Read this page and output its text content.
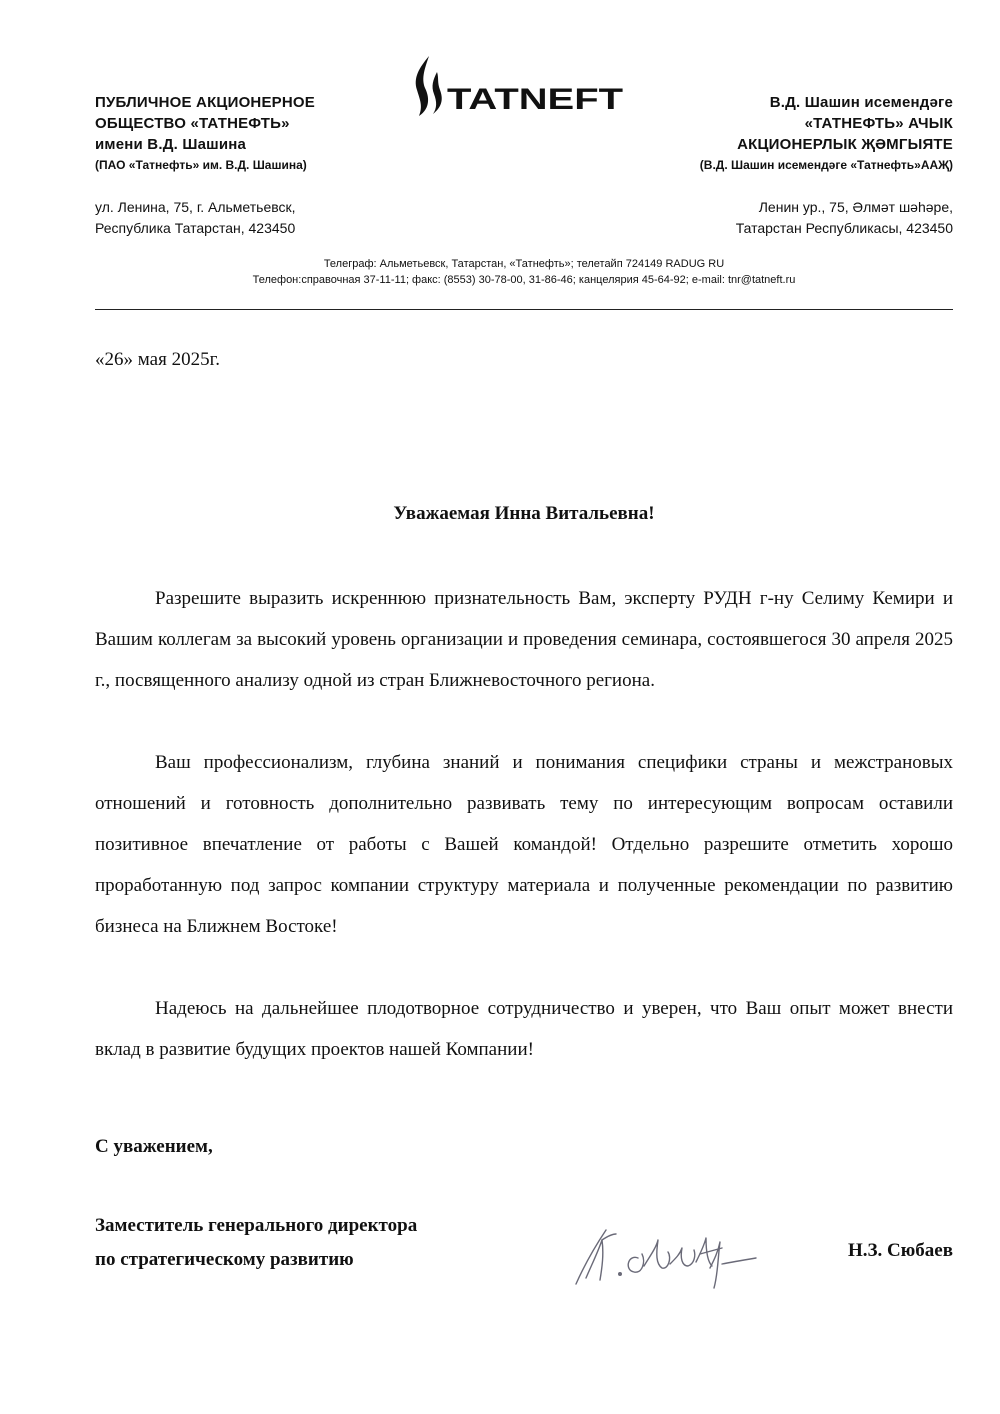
ПУБЛИЧНОЕ АКЦИОНЕРНОЕ
ОБЩЕСТВО «ТАТНЕФТЬ»
имени В.Д. Шашина
(ПАО «Татнефть» им. В.Д. Шашина)
TATNEFT	В.Д. Шашин исемендәге
«ТАТНЕФТЬ» АЧЫК
АКЦИОНЕРЛЫК ҖӘМГЫЯТЕ
(В.Д. Шашин исемендәге «Татнефть»ААҖ)
ул. Ленина, 75, г. Альметьевск,
Республика Татарстан, 423450
Ленин ур., 75, Әлмәт шәһәре,
Татарстан Республикасы, 423450
Телеграф: Альметьевск, Татарстан, «Татнефть»; телетайп 724149 RADUG RU
Телефон:справочная 37-11-11; факс: (8553) 30-78-00, 31-86-46; канцелярия 45-64-92; e-mail: tnr@tatneft.ru
«26» мая 2025г.
Уважаемая Инна Витальевна!

Разрешите выразить искреннюю признательность Вам, эксперту РУДН г-ну Селиму Кемири и Вашим коллегам за высокий уровень организации и проведения семинара, состоявшегося 30 апреля 2025 г., посвященного анализу одной из стран Ближневосточного региона.

Ваш профессионализм, глубина знаний и понимания специфики страны и межстрановых отношений и готовность дополнительно развивать тему по интересующим вопросам оставили позитивное впечатление от работы с Вашей командой! Отдельно разрешите отметить хорошо проработанную под запрос компании структуру материала и полученные рекомендации по развитию бизнеса на Ближнем Востоке!

Надеюсь на дальнейшее плодотворное сотрудничество и уверен, что Ваш опыт может внести вклад в развитие будущих проектов нашей Компании!

С уважением,
Заместитель генерального директора
по стратегическому развитию	Н.З. Сюбаев
